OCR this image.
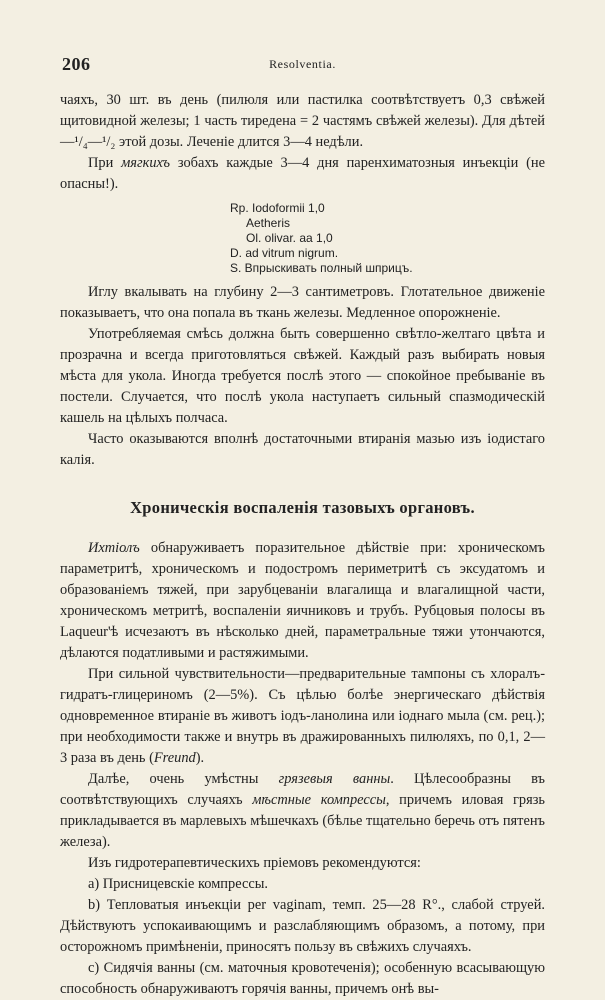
206	Resolventia.

чаяхъ, 30 шт. въ день (пилюля или пастилка соотвѣтствуетъ 0,3 свѣжей щитовидной железы; 1 часть тиредена = 2 частямъ свѣжей железы). Для дѣтей—¹/₄—¹/₂ этой дозы. Леченіе длится 3—4 недѣли.

При мягкихъ зобахъ каждые 3—4 дня паренхиматозныя инъекціи (не опасны!).

Rp. Iodoformii 1,0
Aetheris
Ol. olivar. aa 1,0
D. ad vitrum nigrum.
S. Впрыскивать полный шприцъ.

Иглу вкалывать на глубину 2—3 сантиметровъ. Глотательное движеніе показываетъ, что она попала въ ткань железы. Медленное опорожненіе.

Употребляемая смѣсь должна быть совершенно свѣтло-желтаго цвѣта и прозрачна и всегда приготовляться свѣжей. Каждый разъ выбирать новыя мѣста для укола. Иногда требуется послѣ этого — спокойное пребываніе въ постели. Случается, что послѣ укола наступаетъ сильный спазмодическій кашель на цѣлыхъ полчаса.

Часто оказываются вполнѣ достаточными втиранія мазью изъ іодистаго калія.

Хроническія воспаленія тазовыхъ органовъ.

Ихтіолъ обнаруживаетъ поразительное дѣйствіе при: хроническомъ параметритѣ, хроническомъ и подостромъ периметритѣ съ эксудатомъ и образованіемъ тяжей, при зарубцеваніи влагалища и влагалищной части, хроническомъ метритѣ, воспаленіи яичниковъ и трубъ. Рубцовыя полосы въ Laqueur'ѣ исчезаютъ въ нѣсколько дней, параметральные тяжи утончаются, дѣлаются податливыми и растяжимыми.

При сильной чувствительности—предварительные тампоны съ хлоралъ-гидратъ-глицериномъ (2—5%). Съ цѣлью болѣе энергическаго дѣйствія одновременное втираніе въ животъ іодъ-ланолина или іоднаго мыла (см. рец.); при необходимости также и внутрь въ дражированныхъ пилюляхъ, по 0,1, 2—3 раза въ день (Freund).

Далѣе, очень умѣстны грязевыя ванны. Цѣлесообразны въ соотвѣтствующихъ случаяхъ мѣстные компрессы, причемъ иловая грязь прикладывается въ марлевыхъ мѣшечкахъ (бѣлье тщательно беречь отъ пятенъ железа).

Изъ гидротерапевтическихъ пріемовъ рекомендуются:

a) Присницевскіе компрессы.

b) Тепловатыя инъекціи per vaginam, темп. 25—28 R°., слабой струей. Дѣйствуютъ успокаивающимъ и разслабляющимъ образомъ, а потому, при осторожномъ примѣненіи, приносятъ пользу въ свѣжихъ случаяхъ.

c) Сидячія ванны (см. маточныя кровотеченія); особенную всасывающую способность обнаруживаютъ горячія ванны, причемъ онѣ вы-
